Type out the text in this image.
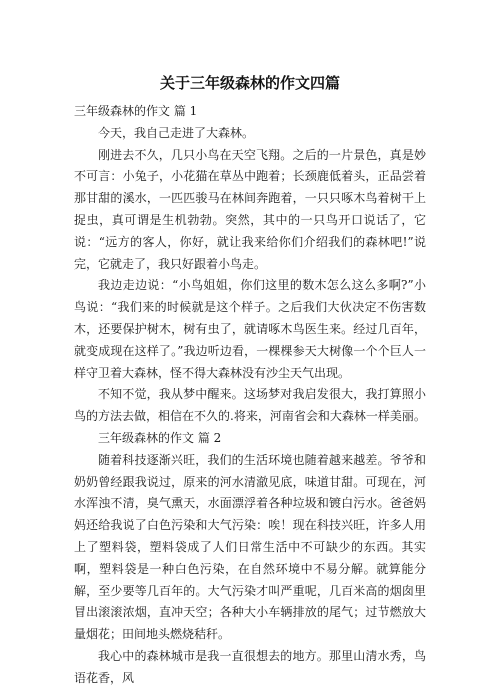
关于三年级森林的作文四篇

三年级森林的作文 篇 1

今天，我自己走进了大森林。

刚进去不久，几只小鸟在天空飞翔。之后的一片景色，真是妙不可言：小兔子，小花猫在草丛中跑着；长颈鹿低着头，正品尝着那甘甜的溪水，一匹匹骏马在林间奔跑着，一只只啄木鸟着树干上捉虫，真可谓是生机勃勃。突然，其中的一只鸟开口说话了，它说：“远方的客人，你好，就让我来给你们介绍我们的森林吧!”说完，它就走了，我只好跟着小鸟走。

我边走边说：“小鸟姐姐，你们这里的数木怎么这么多啊?”小鸟说：“我们来的时候就是这个样子。之后我们大伙决定不伤害数木，还要保护树木，树有虫了，就请啄木鸟医生来。经过几百年，就变成现在这样了。”我边听边看，一棵棵参天大树像一个个巨人一样守卫着大森林，怪不得大森林没有沙尘天气出现。

不知不觉，我从梦中醒来。这场梦对我启发很大，我打算照小鸟的方法去做，相信在不久的.将来，河南省会和大森林一样美丽。

三年级森林的作文 篇 2

随着科技逐渐兴旺，我们的生活环境也随着越来越差。爷爷和奶奶曾经跟我说过，原来的河水清澈见底，味道甘甜。可现在，河水浑浊不清，臭气熏天，水面漂浮着各种垃圾和镀白污水。爸爸妈妈还给我说了白色污染和大气污染：唉！现在科技兴旺，许多人用上了塑料袋，塑料袋成了人们日常生活中不可缺少的东西。其实啊，塑料袋是一种白色污染，在自然环境中不易分解。就算能分解，至少要等几百年的。大气污染才叫严重呢，几百米高的烟囱里冒出滚滚浓烟，直冲天空；各种大小车辆排放的尾气；过节燃放大量烟花；田间地头燃烧秸秆。

我心中的森林城市是我一直很想去的地方。那里山清水秀，鸟语花香，风
